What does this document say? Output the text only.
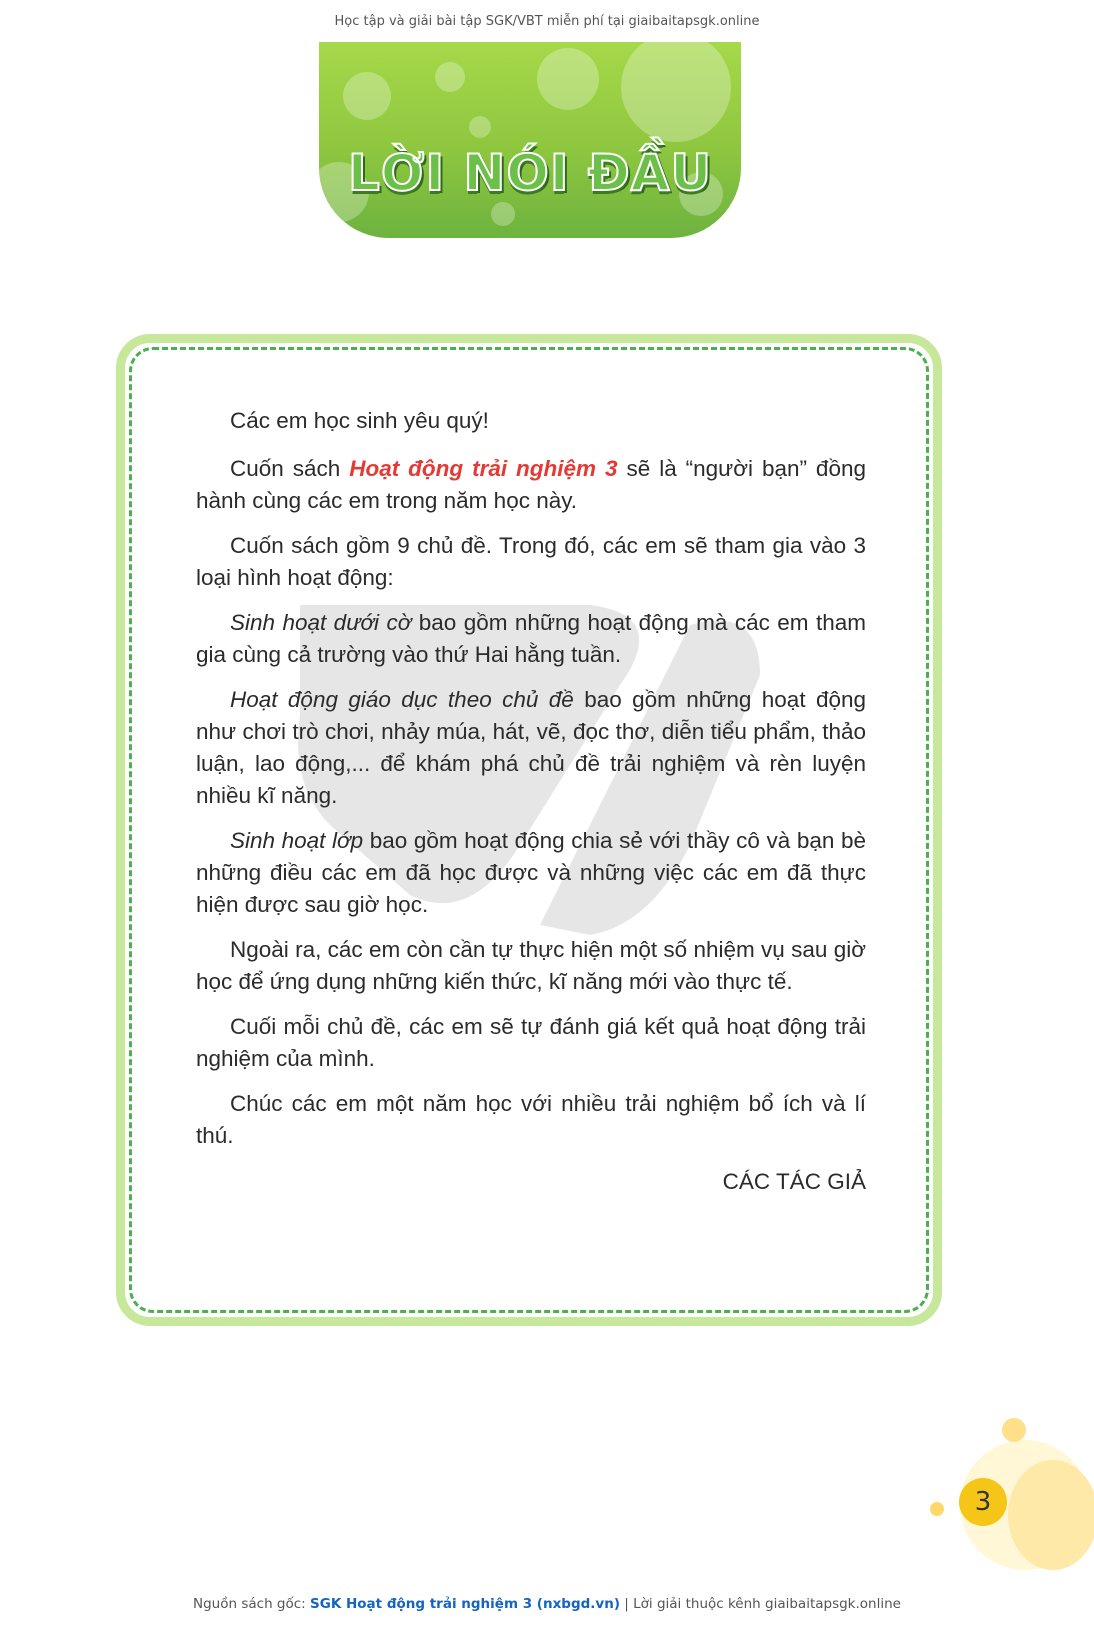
Học tập và giải bài tập SGK/VBT miễn phí tại giaibaitapsgk.online
LỜI NÓI ĐẦU

Các em học sinh yêu quý!

Cuốn sách Hoạt động trải nghiệm 3 sẽ là “người bạn” đồng hành cùng các em trong năm học này.

Cuốn sách gồm 9 chủ đề. Trong đó, các em sẽ tham gia vào 3 loại hình hoạt động:

Sinh hoạt dưới cờ bao gồm những hoạt động mà các em tham gia cùng cả trường vào thứ Hai hằng tuần.

Hoạt động giáo dục theo chủ đề bao gồm những hoạt động như chơi trò chơi, nhảy múa, hát, vẽ, đọc thơ, diễn tiểu phẩm, thảo luận, lao động,... để khám phá chủ đề trải nghiệm và rèn luyện nhiều kĩ năng.

Sinh hoạt lớp bao gồm hoạt động chia sẻ với thầy cô và bạn bè những điều các em đã học được và những việc các em đã thực hiện được sau giờ học.

Ngoài ra, các em còn cần tự thực hiện một số nhiệm vụ sau giờ học để ứng dụng những kiến thức, kĩ năng mới vào thực tế.

Cuối mỗi chủ đề, các em sẽ tự đánh giá kết quả hoạt động trải nghiệm của mình.

Chúc các em một năm học với nhiều trải nghiệm bổ ích và lí thú.

CÁC TÁC GIẢ

3
Nguồn sách gốc: SGK Hoạt động trải nghiệm 3 (nxbgd.vn) | Lời giải thuộc kênh giaibaitapsgk.online
